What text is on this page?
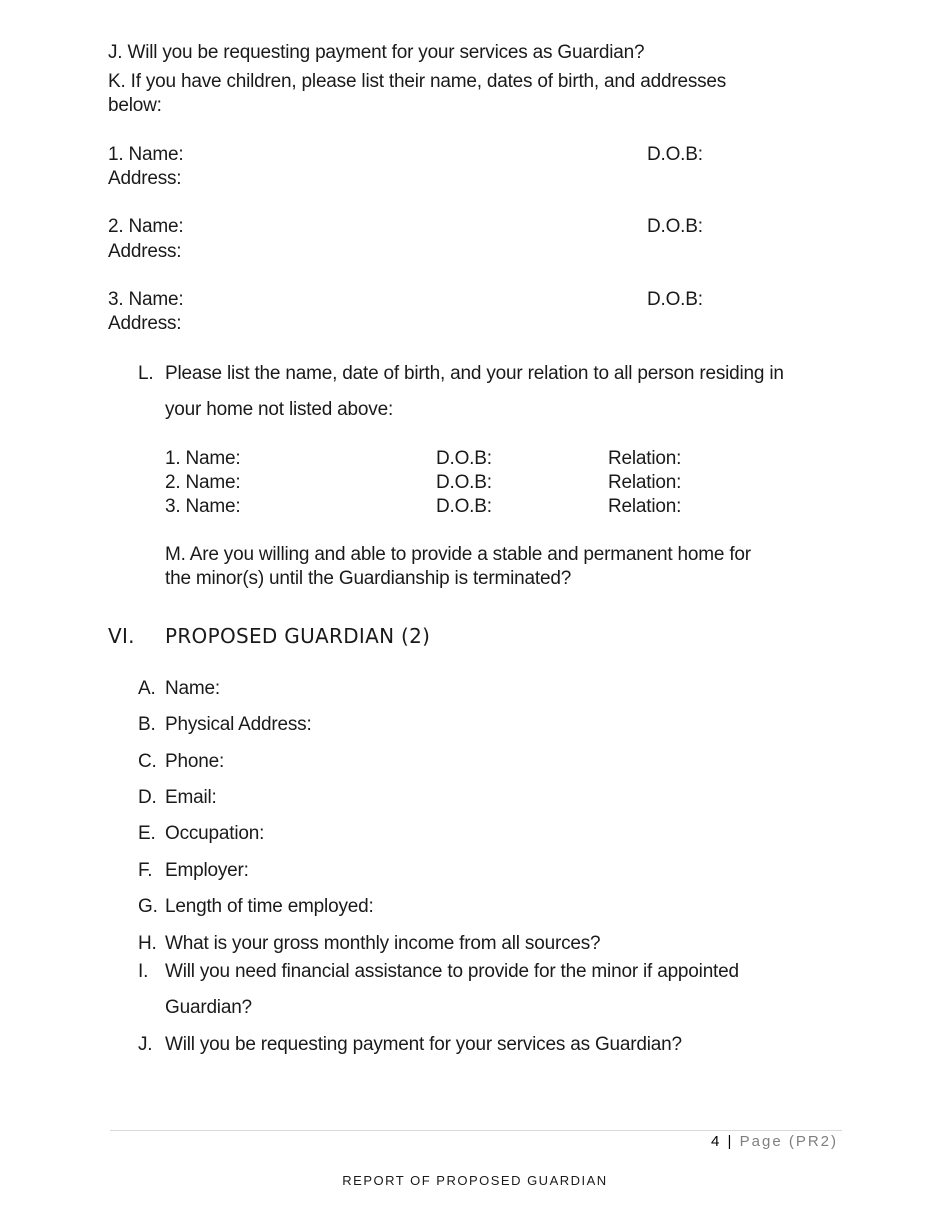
J. Will you be requesting payment for your services as Guardian?
K. If you have children, please list their name, dates of birth, and addresses
below:
1. Name:	D.O.B:
Address:
2. Name:	D.O.B:
Address:
3. Name:	D.O.B:
Address:
L. Please list the name, date of birth, and your relation to all person residing in
your home not listed above:
1. Name:	D.O.B:	Relation:
2. Name:	D.O.B:	Relation:
3. Name:	D.O.B:	Relation:
M. Are you willing and able to provide a stable and permanent home for
the minor(s) until the Guardianship is terminated?
VI. PROPOSED GUARDIAN (2)
A. Name:
B. Physical Address:
C. Phone:
D. Email:
E. Occupation:
F. Employer:
G. Length of time employed:
H. What is your gross monthly income from all sources?
I. Will you need financial assistance to provide for the minor if appointed
Guardian?
J. Will you be requesting payment for your services as Guardian?
4 | Page (PR2)
REPORT OF PROPOSED GUARDIAN
